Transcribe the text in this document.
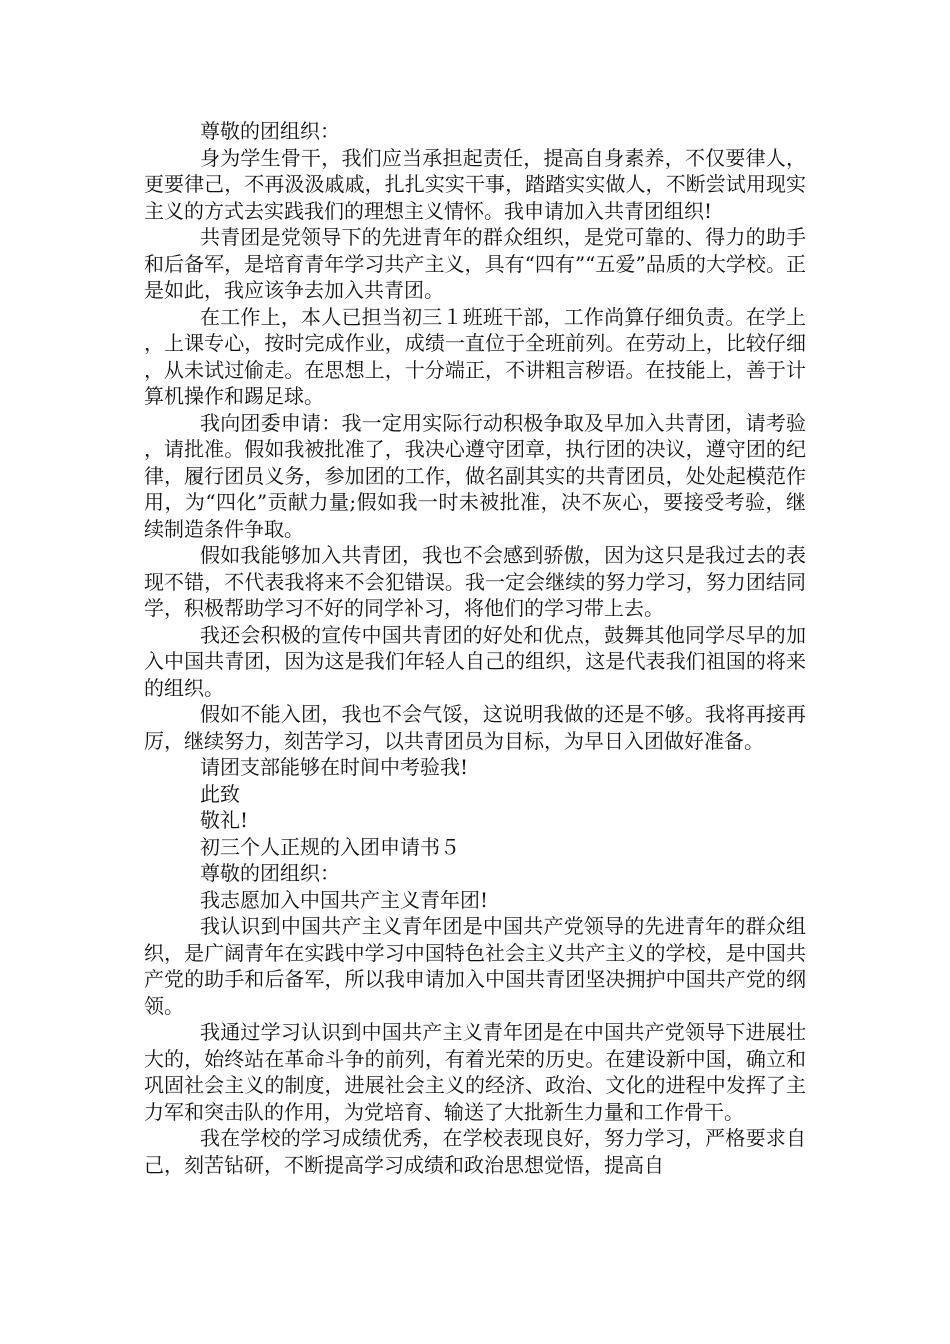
尊敬的团组织：

身为学生骨干，我们应当承担起责任，提高自身素养，不仅要律人，更要律己，不再汲汲戚戚，扎扎实实干事，踏踏实实做人，不断尝试用现实主义的方式去实践我们的理想主义情怀。我申请加入共青团组织!

共青团是党领导下的先进青年的群众组织，是党可靠的、得力的助手和后备军，是培育青年学习共产主义，具有“四有”“五爱”品质的大学校。正是如此，我应该争去加入共青团。

在工作上，本人已担当初三１班班干部，工作尚算仔细负责。在学上，上课专心，按时完成作业，成绩一直位于全班前列。在劳动上，比较仔细，从未试过偷走。在思想上，十分端正，不讲粗言秽语。在技能上，善于计算机操作和踢足球。

我向团委申请：我一定用实际行动积极争取及早加入共青团，请考验，请批准。假如我被批准了，我决心遵守团章，执行团的决议，遵守团的纪律，履行团员义务，参加团的工作，做名副其实的共青团员，处处起模范作用，为“四化”贡献力量;假如我一时未被批准，决不灰心，要接受考验，继续制造条件争取。

假如我能够加入共青团，我也不会感到骄傲，因为这只是我过去的表现不错，不代表我将来不会犯错误。我一定会继续的努力学习，努力团结同学，积极帮助学习不好的同学补习，将他们的学习带上去。

我还会积极的宣传中国共青团的好处和优点，鼓舞其他同学尽早的加入中国共青团，因为这是我们年轻人自己的组织，这是代表我们祖国的将来的组织。

假如不能入团，我也不会气馁，这说明我做的还是不够。我将再接再厉，继续努力，刻苦学习，以共青团员为目标，为早日入团做好准备。

请团支部能够在时间中考验我!

此致

敬礼!

初三个人正规的入团申请书５

尊敬的团组织：

我志愿加入中国共产主义青年团!

我认识到中国共产主义青年团是中国共产党领导的先进青年的群众组织，是广阔青年在实践中学习中国特色社会主义共产主义的学校，是中国共产党的助手和后备军，所以我申请加入中国共青团坚决拥护中国共产党的纲领。

我通过学习认识到中国共产主义青年团是在中国共产党领导下进展壮大的，始终站在革命斗争的前列，有着光荣的历史。在建设新中国，确立和巩固社会主义的制度，进展社会主义的经济、政治、文化的进程中发挥了主力军和突击队的作用，为党培育、输送了大批新生力量和工作骨干。

我在学校的学习成绩优秀，在学校表现良好，努力学习，严格要求自己，刻苦钻研，不断提高学习成绩和政治思想觉悟，提高自
